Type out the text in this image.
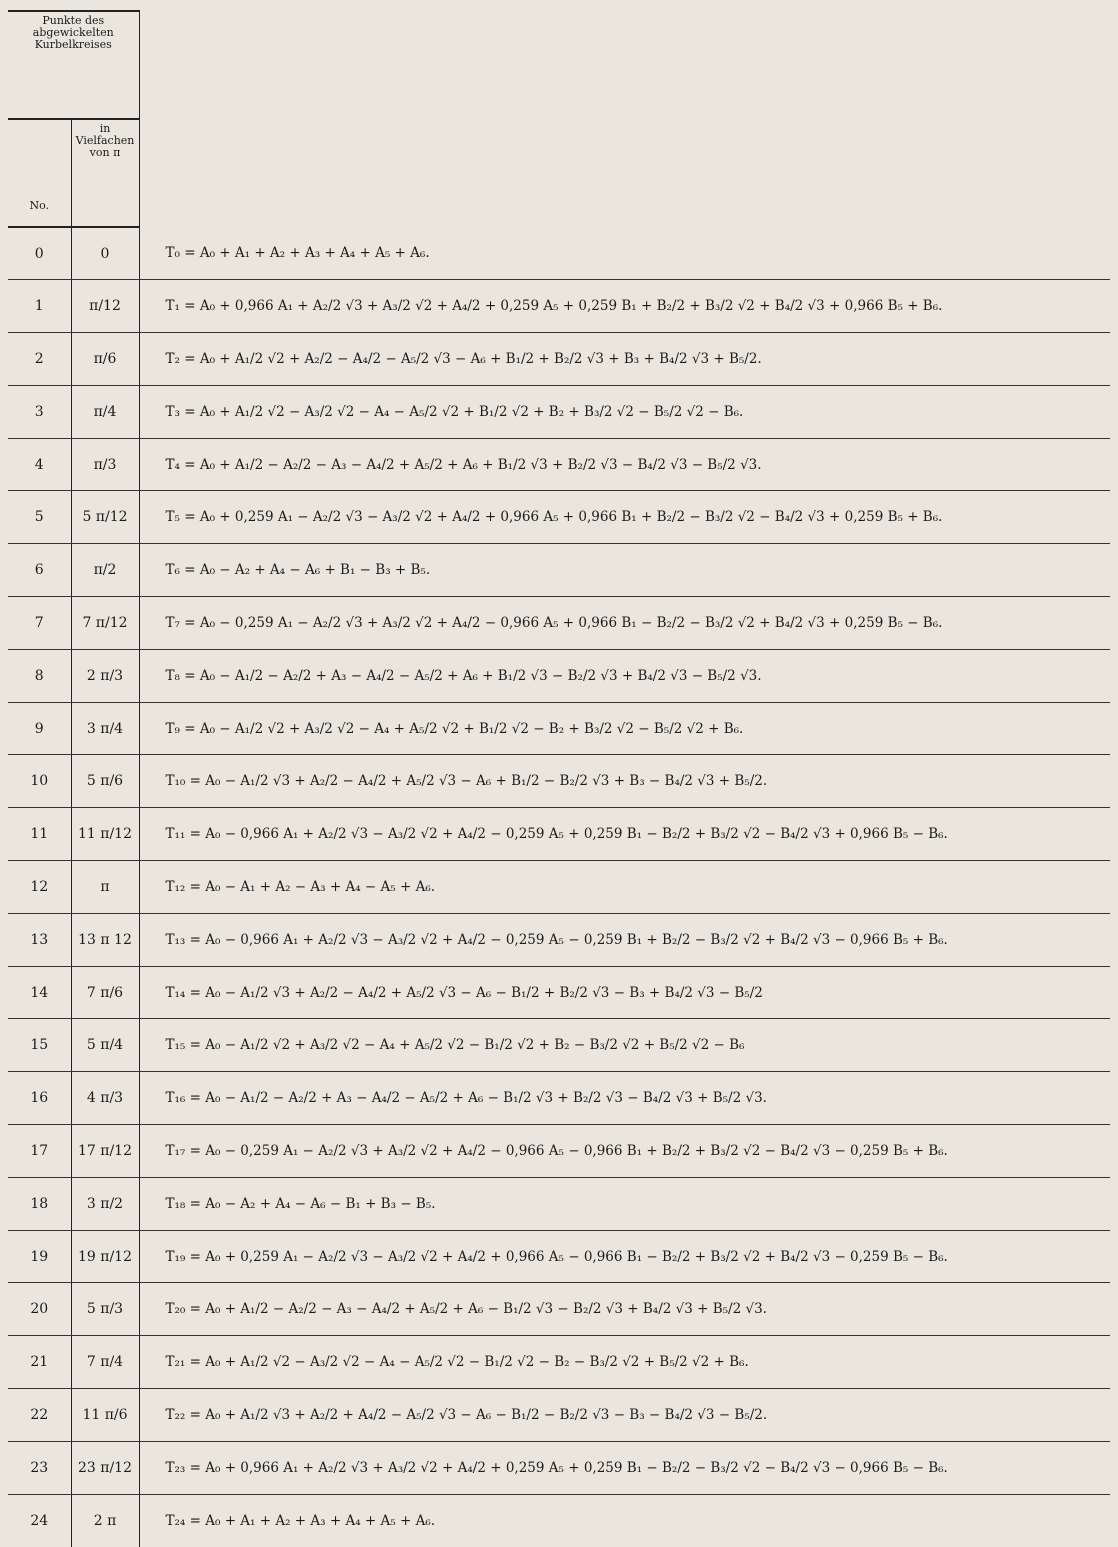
Punkte des abgewickelten Kurbelkreises		
No.	in Vielfachen von π	
0	0	T₀ = A₀ + A₁ + A₂ + A₃ + A₄ + A₅ + A₆.
1	π/12	T₁ = A₀ + 0,966 A₁ + A₂/2 √3 + A₃/2 √2 + A₄/2 + 0,259 A₅ + 0,259 B₁ + B₂/2 + B₃/2 √2 + B₄/2 √3 + 0,966 B₅ + B₆.
2	π/6	T₂ = A₀ + A₁/2 √2 + A₂/2 − A₄/2 − A₅/2 √3 − A₆ + B₁/2 + B₂/2 √3 + B₃ + B₄/2 √3 + B₅/2.
3	π/4	T₃ = A₀ + A₁/2 √2 − A₃/2 √2 − A₄ − A₅/2 √2 + B₁/2 √2 + B₂ + B₃/2 √2 − B₅/2 √2 − B₆.
4	π/3	T₄ = A₀ + A₁/2 − A₂/2 − A₃ − A₄/2 + A₅/2 + A₆ + B₁/2 √3 + B₂/2 √3 − B₄/2 √3 − B₅/2 √3.
5	5 π/12	T₅ = A₀ + 0,259 A₁ − A₂/2 √3 − A₃/2 √2 + A₄/2 + 0,966 A₅ + 0,966 B₁ + B₂/2 − B₃/2 √2 − B₄/2 √3 + 0,259 B₅ + B₆.
6	π/2	T₆ = A₀ − A₂ + A₄ − A₆ + B₁ − B₃ + B₅.
7	7 π/12	T₇ = A₀ − 0,259 A₁ − A₂/2 √3 + A₃/2 √2 + A₄/2 − 0,966 A₅ + 0,966 B₁ − B₂/2 − B₃/2 √2 + B₄/2 √3 + 0,259 B₅ − B₆.
8	2 π/3	T₈ = A₀ − A₁/2 − A₂/2 + A₃ − A₄/2 − A₅/2 + A₆ + B₁/2 √3 − B₂/2 √3 + B₄/2 √3 − B₅/2 √3.
9	3 π/4	T₉ = A₀ − A₁/2 √2 + A₃/2 √2 − A₄ + A₅/2 √2 + B₁/2 √2 − B₂ + B₃/2 √2 − B₅/2 √2 + B₆.
10	5 π/6	T₁₀ = A₀ − A₁/2 √3 + A₂/2 − A₄/2 + A₅/2 √3 − A₆ + B₁/2 − B₂/2 √3 + B₃ − B₄/2 √3 + B₅/2.
11	11 π/12	T₁₁ = A₀ − 0,966 A₁ + A₂/2 √3 − A₃/2 √2 + A₄/2 − 0,259 A₅ + 0,259 B₁ − B₂/2 + B₃/2 √2 − B₄/2 √3 + 0,966 B₅ − B₆.
12	π	T₁₂ = A₀ − A₁ + A₂ − A₃ + A₄ − A₅ + A₆.
13	13 π 12	T₁₃ = A₀ − 0,966 A₁ + A₂/2 √3 − A₃/2 √2 + A₄/2 − 0,259 A₅ − 0,259 B₁ + B₂/2 − B₃/2 √2 + B₄/2 √3 − 0,966 B₅ + B₆.
14	7 π/6	T₁₄ = A₀ − A₁/2 √3 + A₂/2 − A₄/2 + A₅/2 √3 − A₆ − B₁/2 + B₂/2 √3 − B₃ + B₄/2 √3 − B₅/2
15	5 π/4	T₁₅ = A₀ − A₁/2 √2 + A₃/2 √2 − A₄ + A₅/2 √2 − B₁/2 √2 + B₂ − B₃/2 √2 + B₅/2 √2 − B₆
16	4 π/3	T₁₆ = A₀ − A₁/2 − A₂/2 + A₃ − A₄/2 − A₅/2 + A₆ − B₁/2 √3 + B₂/2 √3 − B₄/2 √3 + B₅/2 √3.
17	17 π/12	T₁₇ = A₀ − 0,259 A₁ − A₂/2 √3 + A₃/2 √2 + A₄/2 − 0,966 A₅ − 0,966 B₁ + B₂/2 + B₃/2 √2 − B₄/2 √3 − 0,259 B₅ + B₆.
18	3 π/2	T₁₈ = A₀ − A₂ + A₄ − A₆ − B₁ + B₃ − B₅.
19	19 π/12	T₁₉ = A₀ + 0,259 A₁ − A₂/2 √3 − A₃/2 √2 + A₄/2 + 0,966 A₅ − 0,966 B₁ − B₂/2 + B₃/2 √2 + B₄/2 √3 − 0,259 B₅ − B₆.
20	5 π/3	T₂₀ = A₀ + A₁/2 − A₂/2 − A₃ − A₄/2 + A₅/2 + A₆ − B₁/2 √3 − B₂/2 √3 + B₄/2 √3 + B₅/2 √3.
21	7 π/4	T₂₁ = A₀ + A₁/2 √2 − A₃/2 √2 − A₄ − A₅/2 √2 − B₁/2 √2 − B₂ − B₃/2 √2 + B₅/2 √2 + B₆.
22	11 π/6	T₂₂ = A₀ + A₁/2 √3 + A₂/2 + A₄/2 − A₅/2 √3 − A₆ − B₁/2 − B₂/2 √3 − B₃ − B₄/2 √3 − B₅/2.
23	23 π/12	T₂₃ = A₀ + 0,966 A₁ + A₂/2 √3 + A₃/2 √2 + A₄/2 + 0,259 A₅ + 0,259 B₁ − B₂/2 − B₃/2 √2 − B₄/2 √3 − 0,966 B₅ − B₆.
24	2 π	T₂₄ = A₀ + A₁ + A₂ + A₃ + A₄ + A₅ + A₆.
